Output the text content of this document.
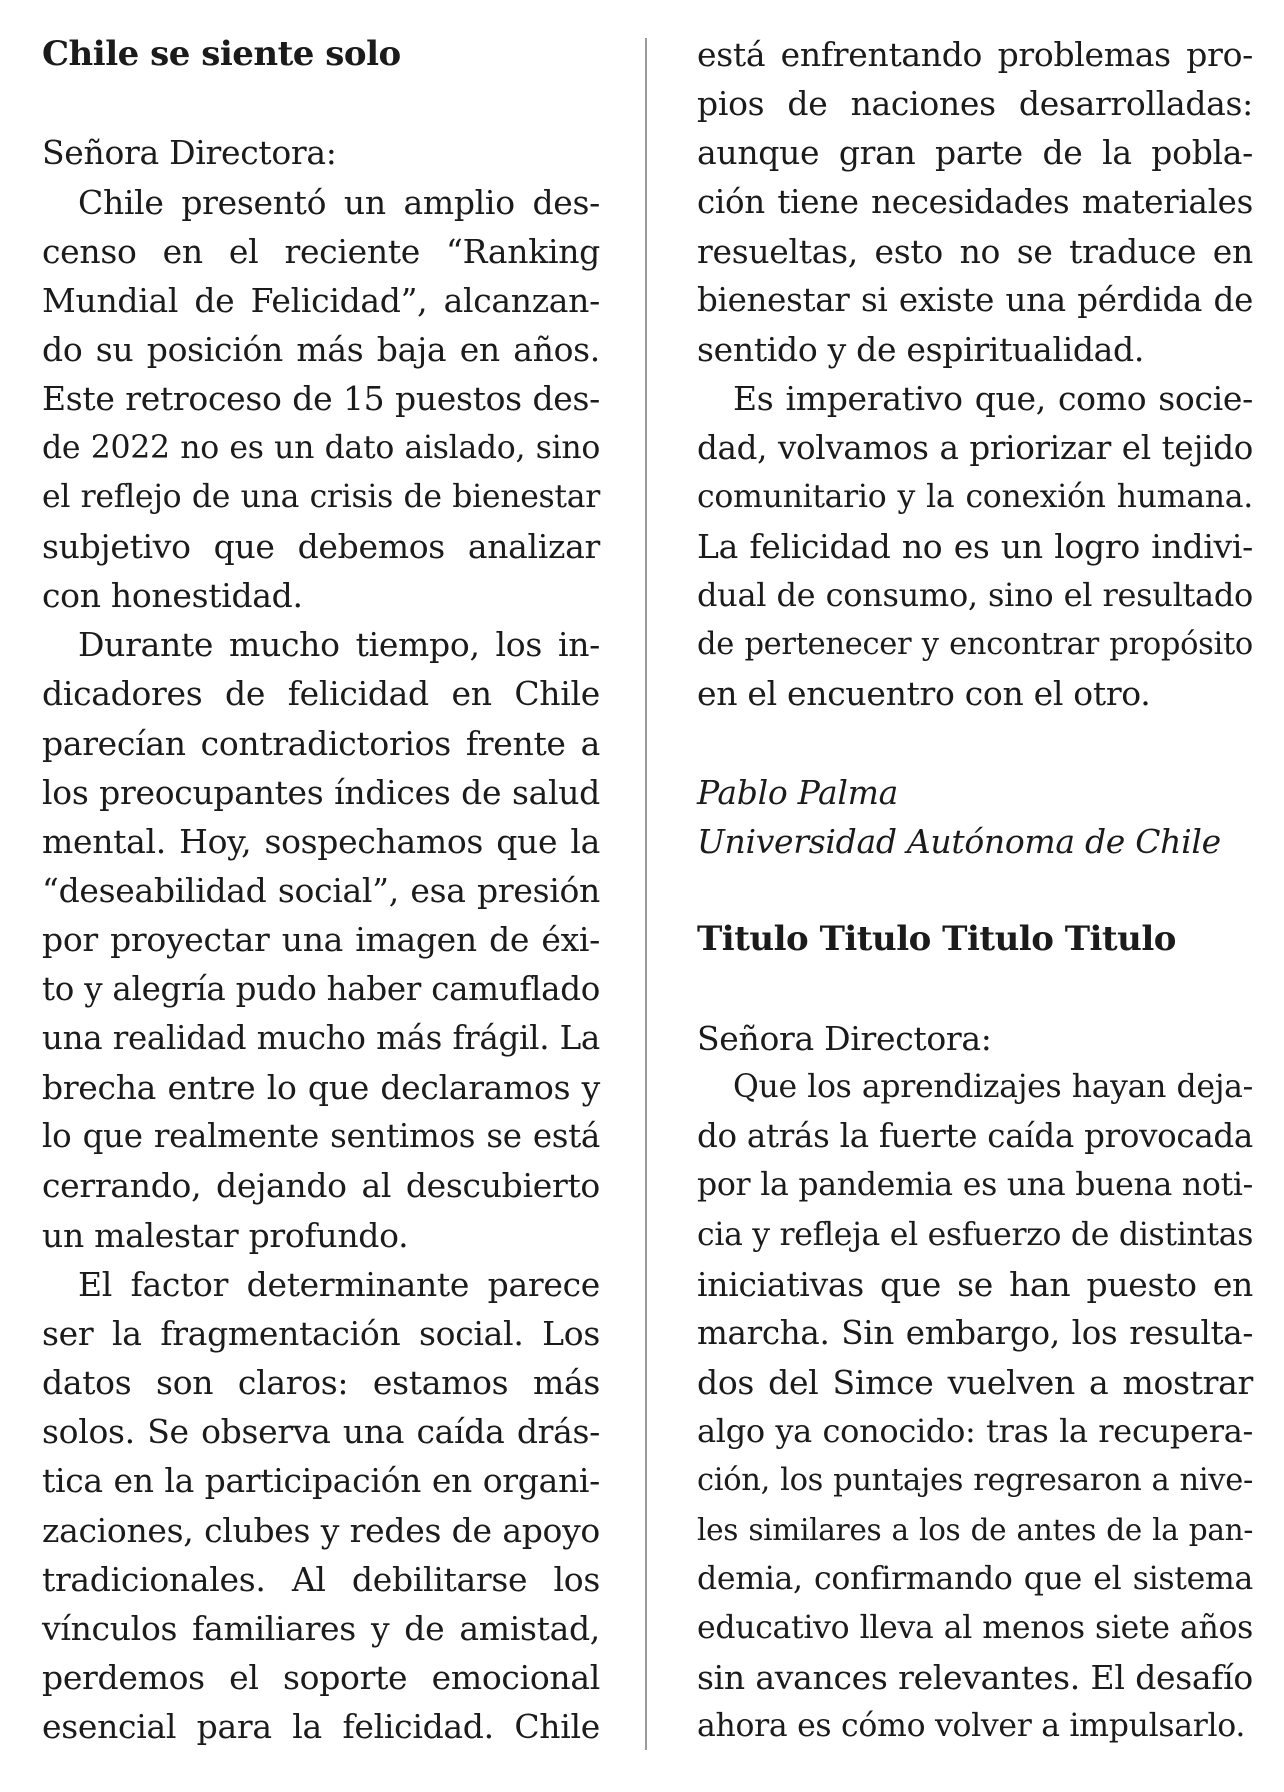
Chile se siente solo
Señora Directora:
Chile presentó un amplio des-
censo en el reciente “Ranking
Mundial de Felicidad”, alcanzan-
do su posición más baja en años.
Este retroceso de 15 puestos des-
de 2022 no es un dato aislado, sino
el reflejo de una crisis de bienestar
subjetivo que debemos analizar
con honestidad.
Durante mucho tiempo, los in-
dicadores de felicidad en Chile
parecían contradictorios frente a
los preocupantes índices de salud
mental. Hoy, sospechamos que la
“deseabilidad social”, esa presión
por proyectar una imagen de éxi-
to y alegría pudo haber camuflado
una realidad mucho más frágil. La
brecha entre lo que declaramos y
lo que realmente sentimos se está
cerrando, dejando al descubierto
un malestar profundo.
El factor determinante parece
ser la fragmentación social. Los
datos son claros: estamos más
solos. Se observa una caída drás-
tica en la participación en organi-
zaciones, clubes y redes de apoyo
tradicionales. Al debilitarse los
vínculos familiares y de amistad,
perdemos el soporte emocional
esencial para la felicidad. Chile
está enfrentando problemas pro-
pios de naciones desarrolladas:
aunque gran parte de la pobla-
ción tiene necesidades materiales
resueltas, esto no se traduce en
bienestar si existe una pérdida de
sentido y de espiritualidad.
Es imperativo que, como socie-
dad, volvamos a priorizar el tejido
comunitario y la conexión humana.
La felicidad no es un logro indivi-
dual de consumo, sino el resultado
de pertenecer y encontrar propósito
en el encuentro con el otro.
Pablo Palma
Universidad Autónoma de Chile
Titulo Titulo Titulo Titulo
Señora Directora:
Que los aprendizajes hayan deja-
do atrás la fuerte caída provocada
por la pandemia es una buena noti-
cia y refleja el esfuerzo de distintas
iniciativas que se han puesto en
marcha. Sin embargo, los resulta-
dos del Simce vuelven a mostrar
algo ya conocido: tras la recupera-
ción, los puntajes regresaron a nive-
les similares a los de antes de la pan-
demia, confirmando que el sistema
educativo lleva al menos siete años
sin avances relevantes. El desafío
ahora es cómo volver a impulsarlo.
